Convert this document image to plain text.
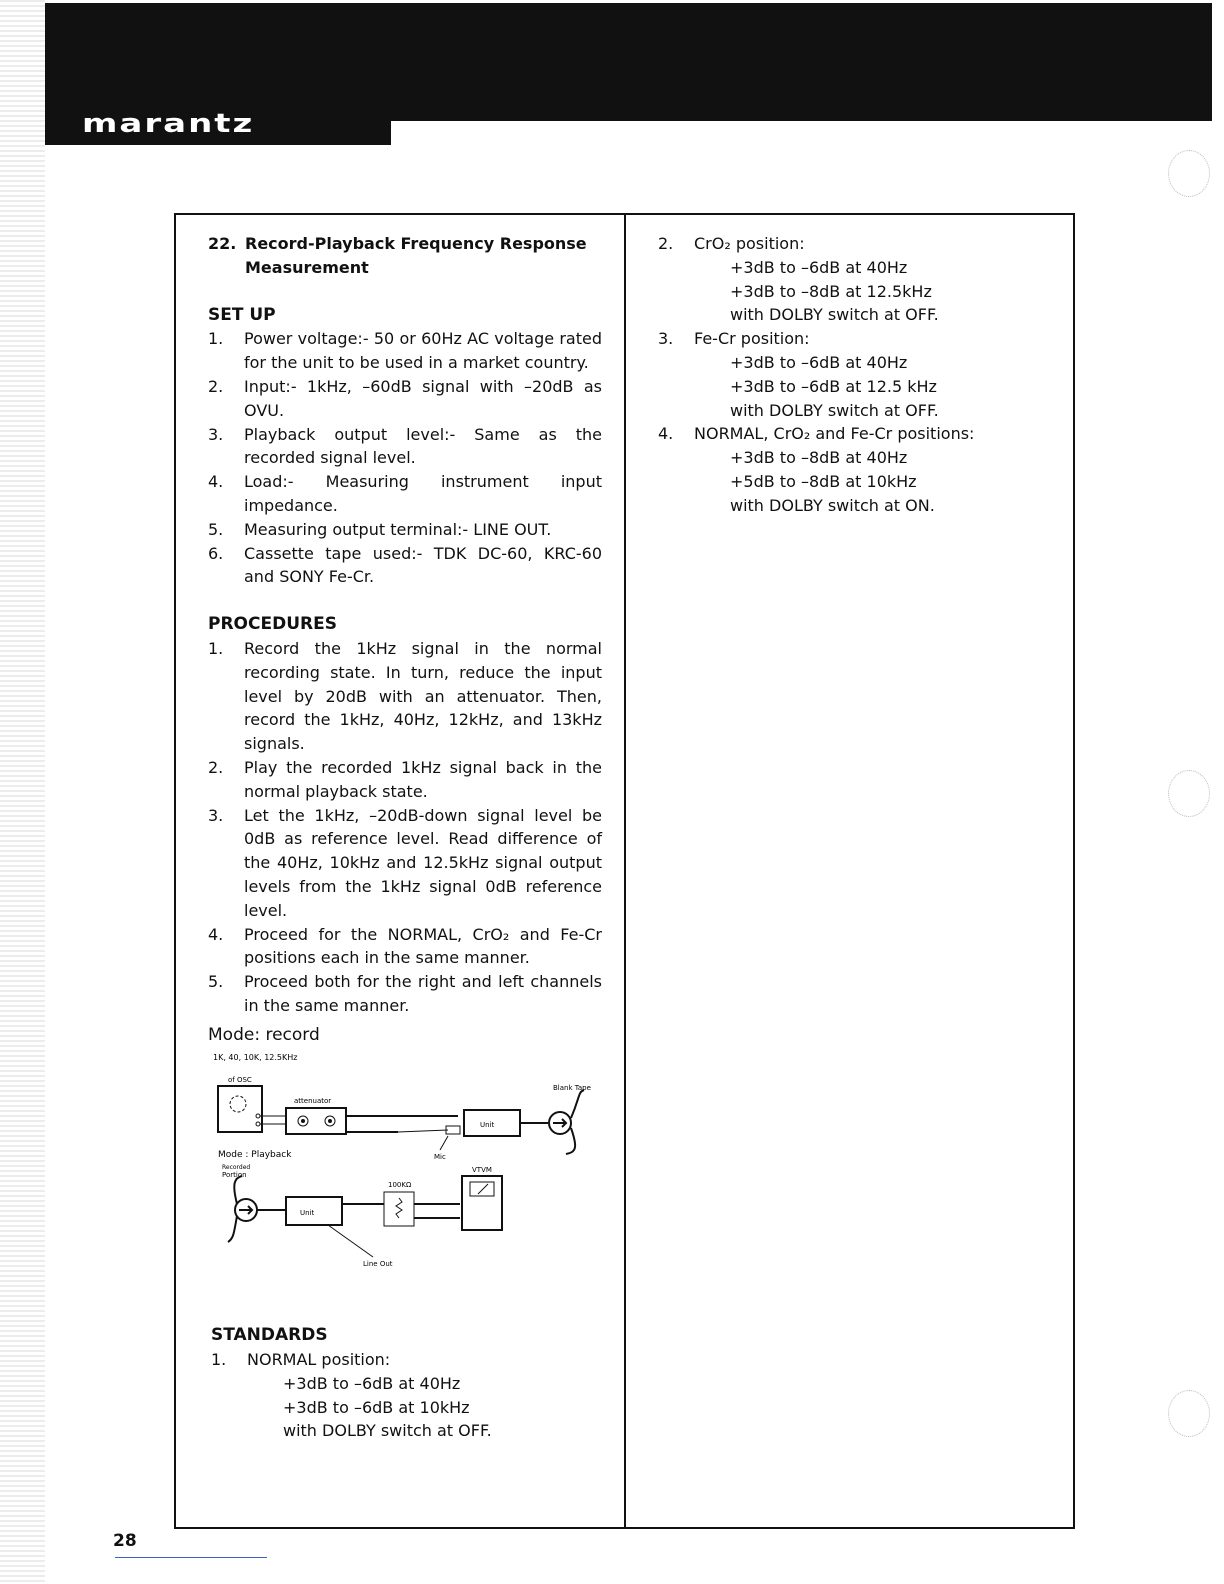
marantz
22. Record-Playback Frequency Response Measurement
SET UP
1.	Power voltage:- 50 or 60Hz AC voltage rated for the unit to be used in a market country.
2.	Input:- 1kHz, –60dB signal with –20dB as OVU.
3.	Playback output level:- Same as the recorded signal level.
4.	Load:- Measuring instrument input impedance.
5.	Measuring output terminal:- LINE OUT.
6.	Cassette tape used:- TDK DC-60, KRC-60 and SONY Fe-Cr.
PROCEDURES
1.	Record the 1kHz signal in the normal recording state. In turn, reduce the input level by 20dB with an attenuator. Then, record the 1kHz, 40Hz, 12kHz, and 13kHz signals.
2.	Play the recorded 1kHz signal back in the normal playback state.
3.	Let the 1kHz, –20dB-down signal level be 0dB as reference level. Read difference of the 40Hz, 10kHz and 12.5kHz signal output levels from the 1kHz signal 0dB reference level.
4.	Proceed for the NORMAL, CrO₂ and Fe-Cr positions each in the same manner.
5.	Proceed both for the right and left channels in the same manner.
Mode: record
1K, 40, 10K, 12.5KHz
of OSC
attenuator
Unit
Blank Tape
Mic
Mode : Playback
Recorded
Portion
Unit
100KΩ
Line Out
VTVM
STANDARDS
1.	NORMAL position:
+3dB to –6dB at 40Hz
+3dB to –6dB at 10kHz
with DOLBY switch at OFF.
2.	CrO₂ position:
+3dB to –6dB at 40Hz
+3dB to –8dB at 12.5kHz
with DOLBY switch at OFF.
3.	Fe-Cr position:
+3dB to –6dB at 40Hz
+3dB to –6dB at 12.5 kHz
with DOLBY switch at OFF.
4.	NORMAL, CrO₂ and Fe-Cr positions:
+3dB to –8dB at 40Hz
+5dB to –8dB at 10kHz
with DOLBY switch at ON.
28
